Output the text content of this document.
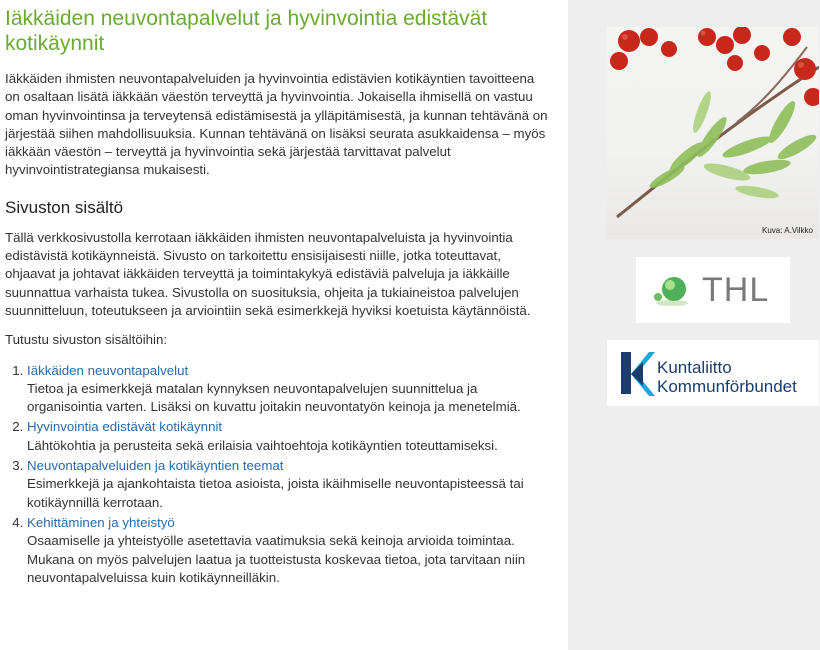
Iäkkäiden neuvontapalvelut ja hyvinvointia edistävät kotikäynnit

Iäkkäiden ihmisten neuvontapalveluiden ja hyvinvointia edistävien kotikäyntien tavoitteena on osaltaan lisätä iäkkään väestön terveyttä ja hyvinvointia. Jokaisella ihmisellä on vastuu oman hyvinvointinsa ja terveytensä edistämisestä ja ylläpitämisestä, ja kunnan tehtävänä on järjestää siihen mahdollisuuksia. Kunnan tehtävänä on lisäksi seurata asukkaidensa – myös iäkkään väestön – terveyttä ja hyvinvointia sekä järjestää tarvittavat palvelut hyvinvointistrategiansa mukaisesti.

Sivuston sisältö

Tällä verkkosivustolla kerrotaan iäkkäiden ihmisten neuvontapalveluista ja hyvinvointia edistävistä kotikäynneistä. Sivusto on tarkoitettu ensisijaisesti niille, jotka toteuttavat, ohjaavat ja johtavat iäkkäiden terveyttä ja toimintakykyä edistäviä palveluja ja iäkkäille suunnattua varhaista tukea. Sivustolla on suosituksia, ohjeita ja tukiaineistoa palvelujen suunnitteluun, toteutukseen ja arviointiin sekä esimerkkejä hyviksi koetuista käytännöistä.

Tutustu sivuston sisältöihin:

1. Iäkkäiden neuvontapalvelut
Tietoa ja esimerkkejä matalan kynnyksen neuvontapalvelujen suunnittelua ja organisointia varten. Lisäksi on kuvattu joitakin neuvontatyön keinoja ja menetelmiä.
2. Hyvinvointia edistävät kotikäynnit
Lähtökohtia ja perusteita sekä erilaisia vaihtoehtoja kotikäyntien toteuttamiseksi.
3. Neuvontapalveluiden ja kotikäyntien teemat
Esimerkkejä ja ajankohtaista tietoa asioista, joista ikäihmiselle neuvontapisteessä tai kotikäynnillä kerrotaan.
4. Kehittäminen ja yhteistyö
Osaamiselle ja yhteistyölle asetettavia vaatimuksia sekä keinoja arvioida toimintaa. Mukana on myös palvelujen laatua ja tuotteistusta koskevaa tietoa, jota tarvitaan niin neuvontapalveluissa kuin kotikäynneilläkin.
Kuva: A.Vilkko
THL
Kuntaliitto
Kommunförbundet
